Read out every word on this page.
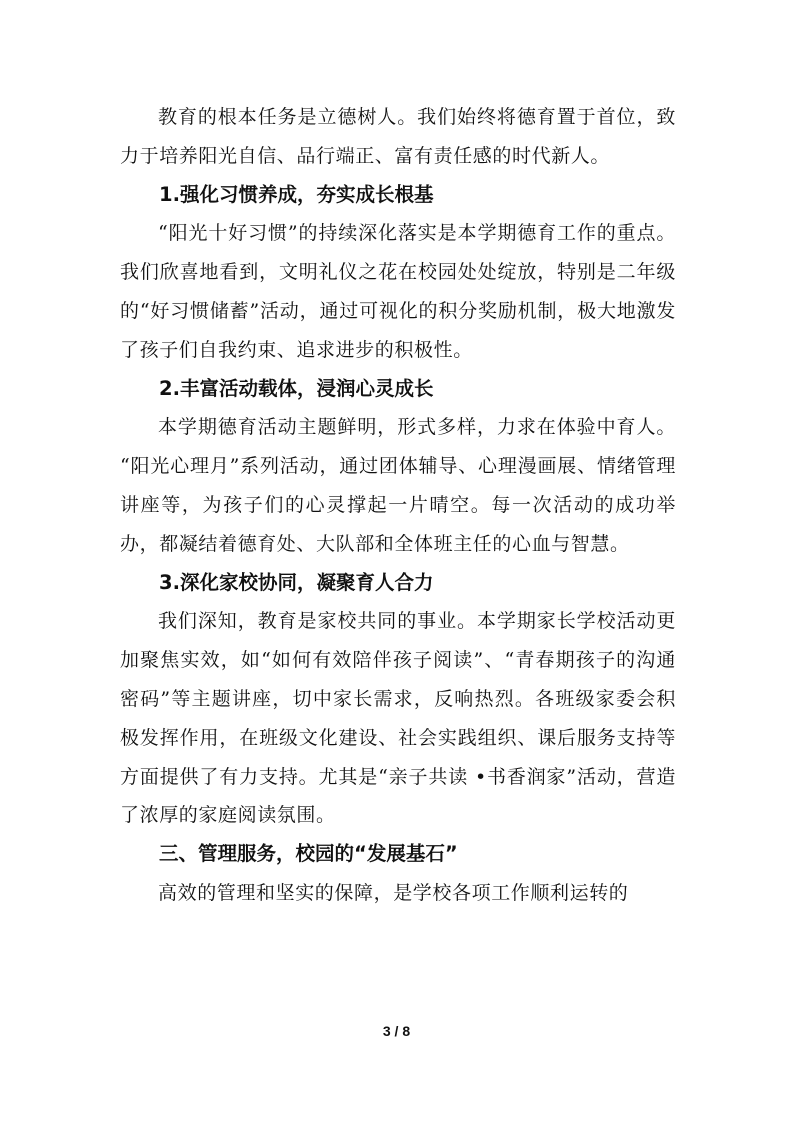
教育的根本任务是立德树人。我们始终将德育置于首位，致力于培养阳光自信、品行端正、富有责任感的时代新人。

1.强化习惯养成，夯实成长根基

“阳光十好习惯”的持续深化落实是本学期德育工作的重点。我们欣喜地看到，文明礼仪之花在校园处处绽放，特别是二年级的“好习惯储蓄”活动，通过可视化的积分奖励机制，极大地激发了孩子们自我约束、追求进步的积极性。

2.丰富活动载体，浸润心灵成长

本学期德育活动主题鲜明，形式多样，力求在体验中育人。 “阳光心理月”系列活动，通过团体辅导、心理漫画展、情绪管理讲座等，为孩子们的心灵撑起一片晴空。每一次活动的成功举办，都凝结着德育处、大队部和全体班主任的心血与智慧。

3.深化家校协同，凝聚育人合力

我们深知，教育是家校共同的事业。本学期家长学校活动更加聚焦实效，如“如何有效陪伴孩子阅读”、“青春期孩子的沟通密码”等主题讲座，切中家长需求，反响热烈。各班级家委会积极发挥作用，在班级文化建设、社会实践组织、课后服务支持等方面提供了有力支持。尤其是“亲子共读 •书香润家”活动，营造了浓厚的家庭阅读氛围。

三、管理服务，校园的“发展基石”

高效的管理和坚实的保障，是学校各项工作顺利运转的

3 / 8
